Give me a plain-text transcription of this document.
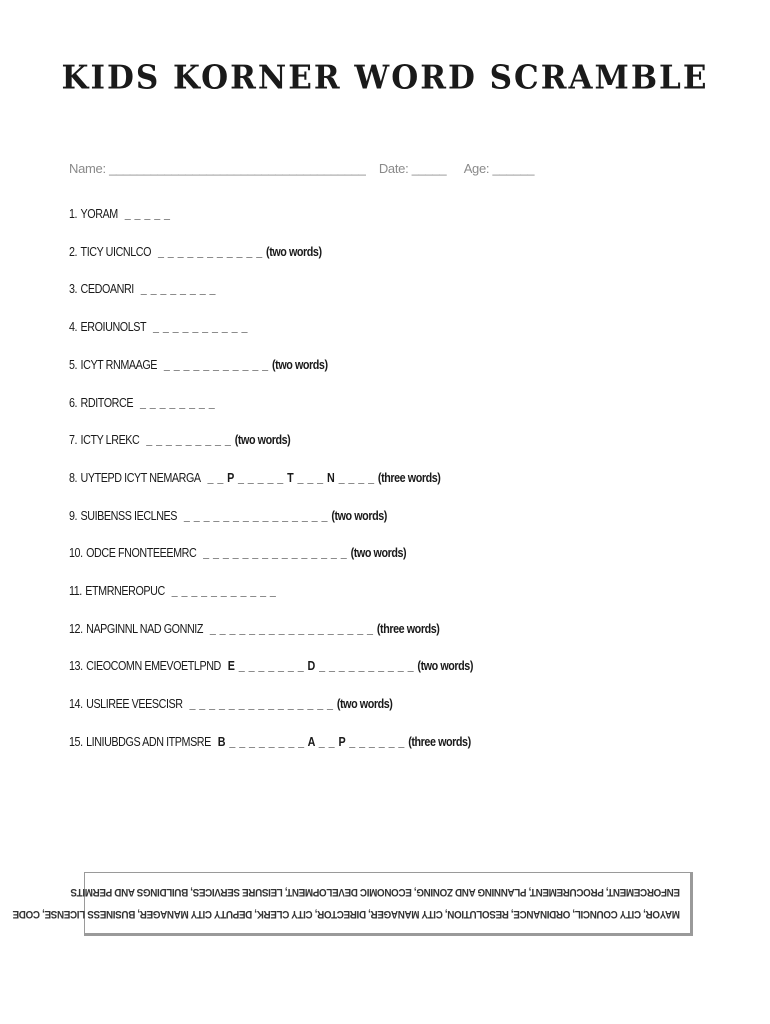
KIDS KORNER WORD SCRAMBLE
Name: _____________________________________ Date: _____ Age: ______
1. YORAM _ _ _ _ _
2. TICY UICNLCO _ _ _ _ _ _ _ _ _ _ _ (two words)
3. CEDOANRI _ _ _ _ _ _ _ _
4. EROIUNOLST _ _ _ _ _ _ _ _ _ _
5. ICYT RNMAAGE _ _ _ _ _ _ _ _ _ _ _ (two words)
6. RDITORCE _ _ _ _ _ _ _ _
7. ICTY LREKC _ _ _ _ _ _ _ _ _ (two words)
8. UYTEPD ICYT NEMARGA _ _ P _ _ _ _ _ T _ _ _ N _ _ _ _ (three words)
9. SUIBENSS IECLNES _ _ _ _ _ _ _ _ _ _ _ _ _ _ _ (two words)
10. ODCE FNONTEEEMRC _ _ _ _ _ _ _ _ _ _ _ _ _ _ _ (two words)
11. ETMRNEROPUC _ _ _ _ _ _ _ _ _ _ _
12. NAPGINNL NAD GONNIZ _ _ _ _ _ _ _ _ _ _ _ _ _ _ _ _ _ (three words)
13. CIEOCOMN EMEVOETLPND E _ _ _ _ _ _ _ D _ _ _ _ _ _ _ _ _ _ (two words)
14. USLIREE VEESCISR _ _ _ _ _ _ _ _ _ _ _ _ _ _ _ (two words)
15. LINIUBDGS ADN ITPMSRE B _ _ _ _ _ _ _ _ A _ _ P _ _ _ _ _ _ (three words)
MAYOR, CITY COUNCIL, ORDINANCE, RESOLUTION, CITY MANAGER, DIRECTOR, CITY CLERK, DEPUTY CITY MANAGER, BUSINESS LICENSE, CODE
ENFORCEMENT, PROCUREMENT, PLANNING AND ZONING, ECONOMIC DEVELOPMENT, LEISURE SERVICES, BUILDINGS AND PERMITS
